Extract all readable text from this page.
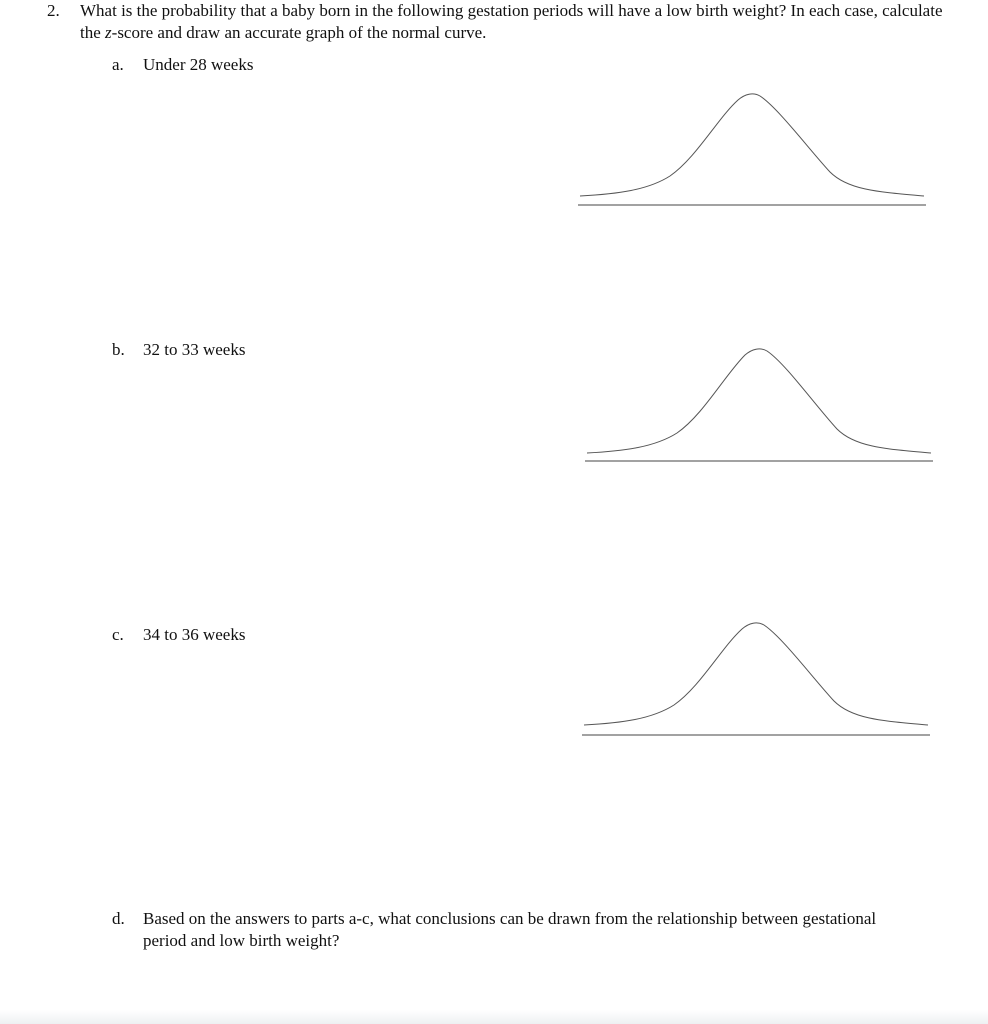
2. What is the probability that a baby born in the following gestation periods will have a low birth weight? In each case, calculate the z-score and draw an accurate graph of the normal curve.
a. Under 28 weeks
b. 32 to 33 weeks
c. 34 to 36 weeks
d. Based on the answers to parts a-c, what conclusions can be drawn from the relationship between gestational period and low birth weight?
